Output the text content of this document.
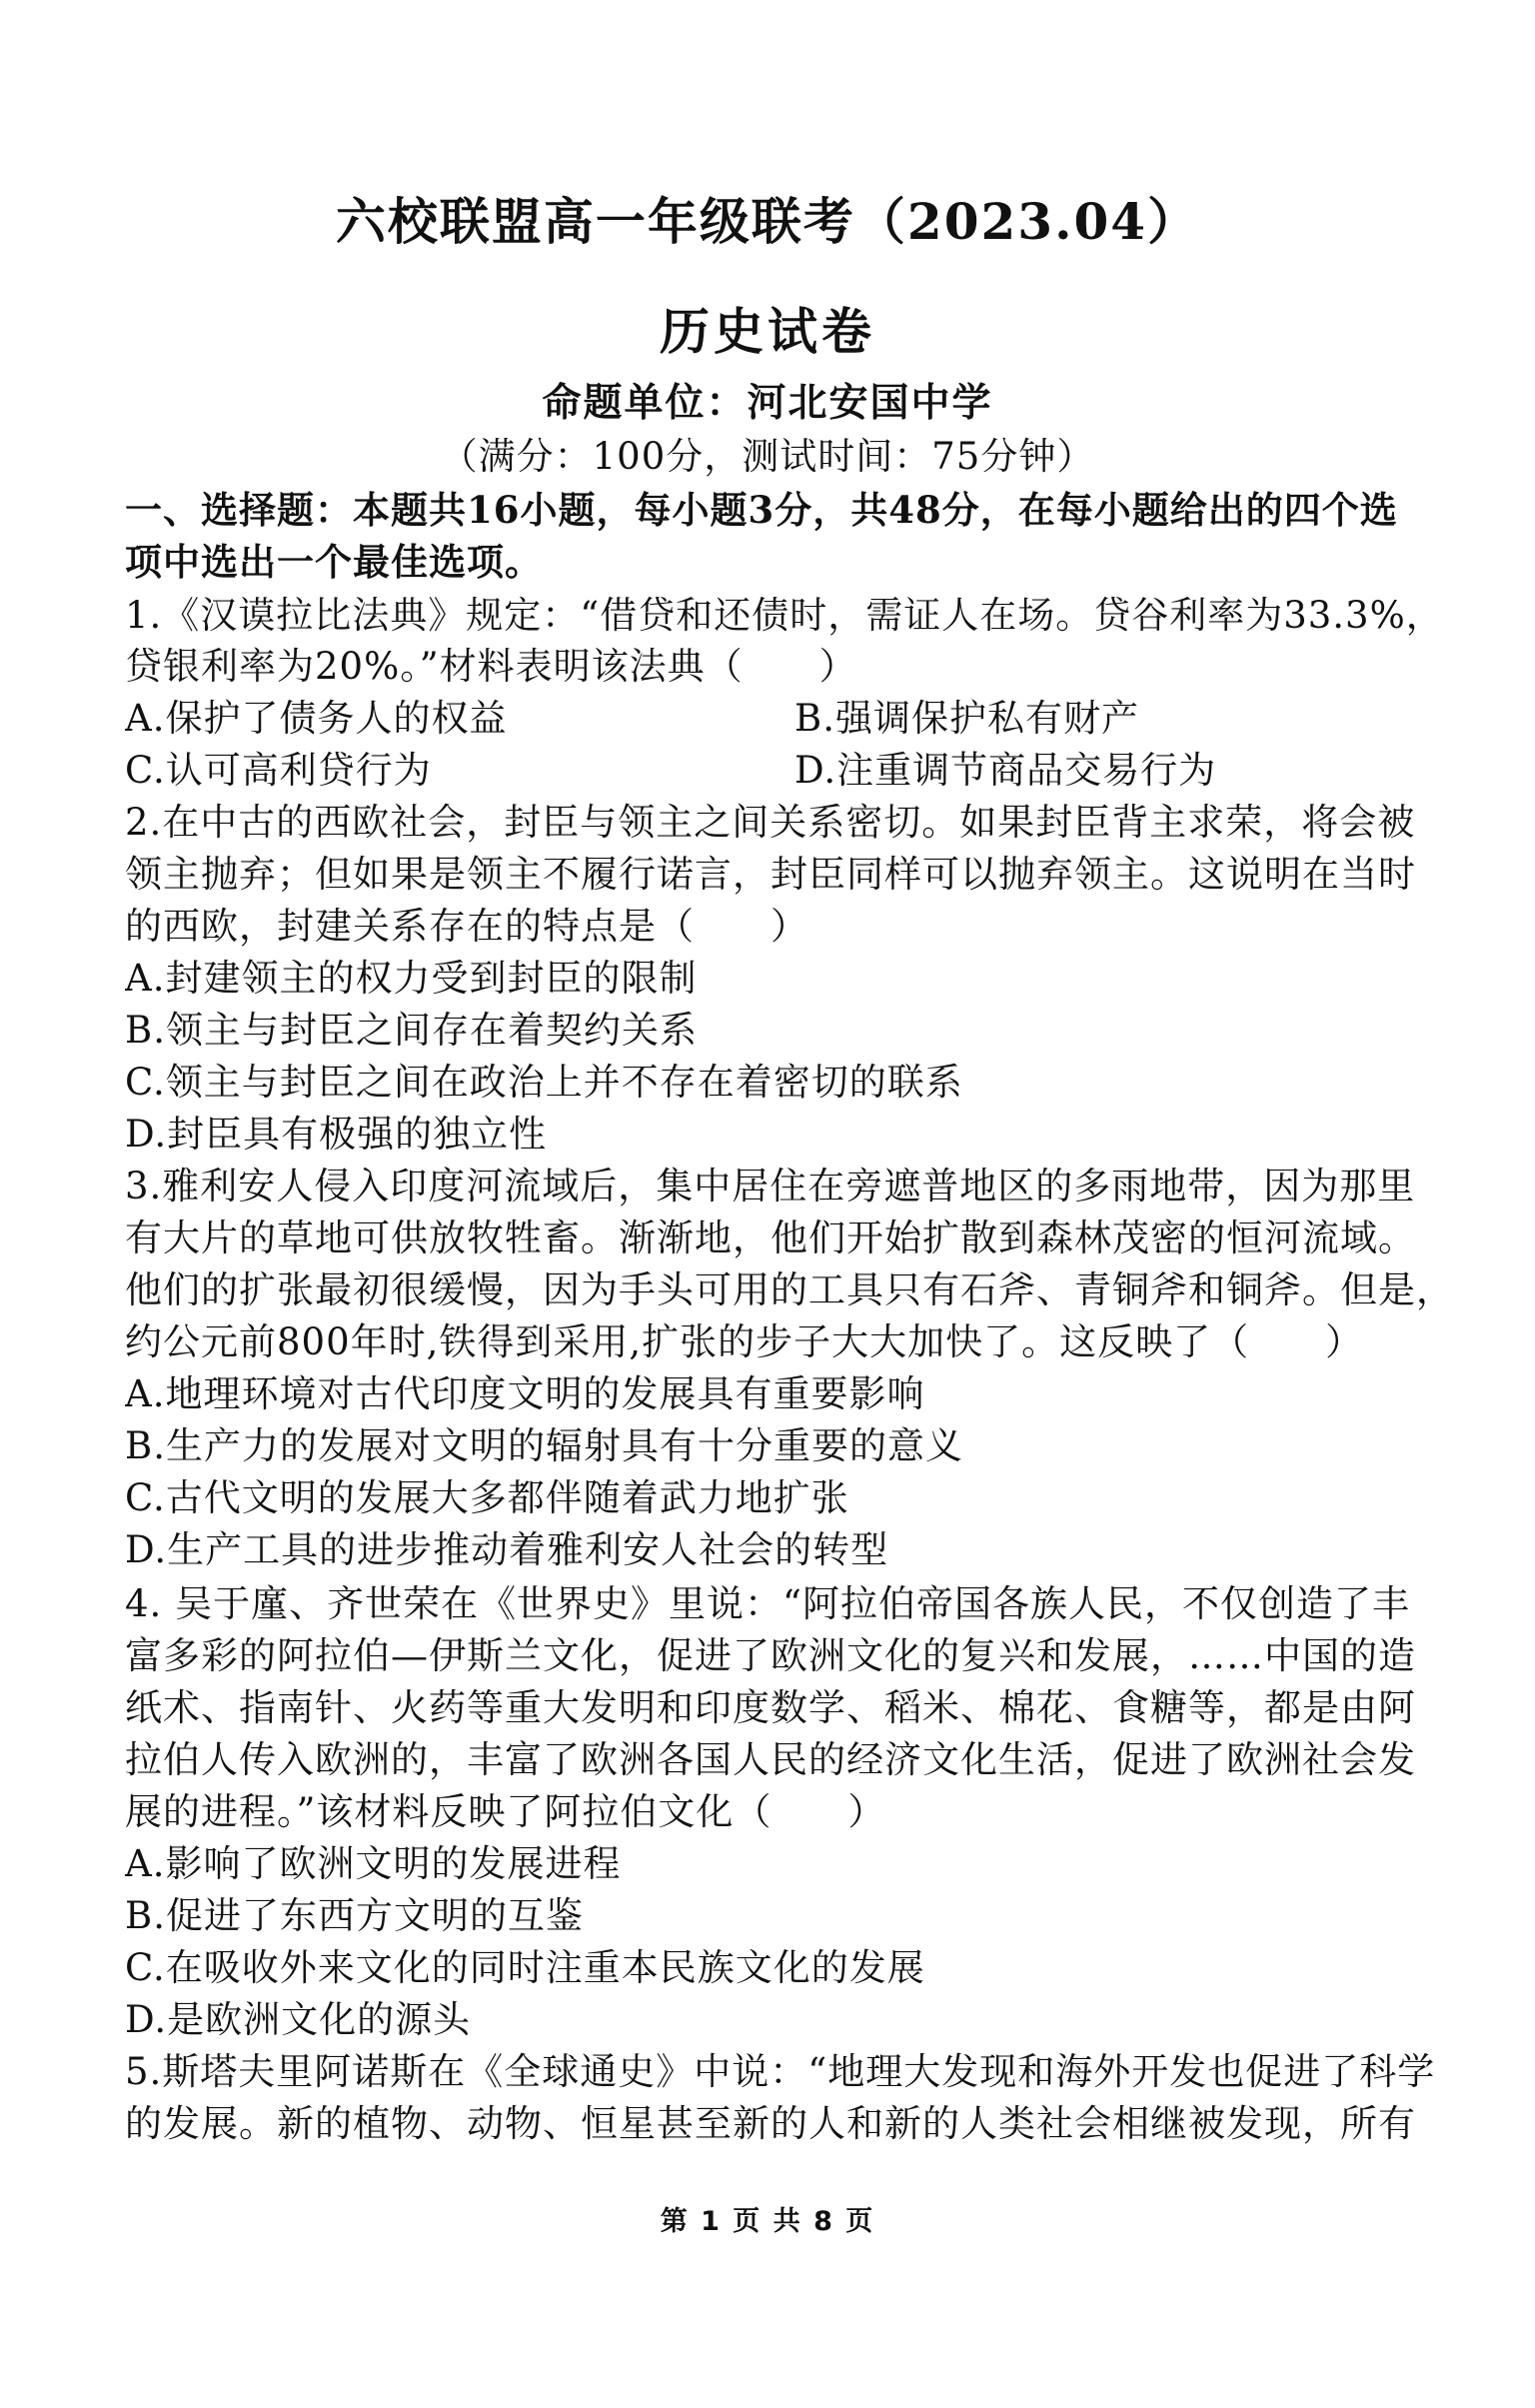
六校联盟高一年级联考（2023.04）
历史试卷
命题单位：河北安国中学
（满分：100分，测试时间：75分钟）
一、选择题：本题共16小题，每小题3分，共48分，在每小题给出的四个选
项中选出一个最佳选项。
1.《汉谟拉比法典》规定：“借贷和还债时，需证人在场。贷谷利率为33.3%，
贷银利率为20%。”材料表明该法典（　　）
A.保护了债务人的权益	B.强调保护私有财产
C.认可高利贷行为	D.注重调节商品交易行为
2.在中古的西欧社会，封臣与领主之间关系密切。如果封臣背主求荣，将会被
领主抛弃；但如果是领主不履行诺言，封臣同样可以抛弃领主。这说明在当时
的西欧，封建关系存在的特点是（　　）
A.封建领主的权力受到封臣的限制
B.领主与封臣之间存在着契约关系
C.领主与封臣之间在政治上并不存在着密切的联系
D.封臣具有极强的独立性
3.雅利安人侵入印度河流域后，集中居住在旁遮普地区的多雨地带，因为那里
有大片的草地可供放牧牲畜。渐渐地，他们开始扩散到森林茂密的恒河流域。
他们的扩张最初很缓慢，因为手头可用的工具只有石斧、青铜斧和铜斧。但是，
约公元前800年时,铁得到采用,扩张的步子大大加快了。这反映了（　　）
A.地理环境对古代印度文明的发展具有重要影响
B.生产力的发展对文明的辐射具有十分重要的意义
C.古代文明的发展大多都伴随着武力地扩张
D.生产工具的进步推动着雅利安人社会的转型
4. 吴于廑、齐世荣在《世界史》里说：“阿拉伯帝国各族人民，不仅创造了丰
富多彩的阿拉伯—伊斯兰文化，促进了欧洲文化的复兴和发展，……中国的造
纸术、指南针、火药等重大发明和印度数学、稻米、棉花、食糖等，都是由阿
拉伯人传入欧洲的，丰富了欧洲各国人民的经济文化生活，促进了欧洲社会发
展的进程。”该材料反映了阿拉伯文化（　　）
A.影响了欧洲文明的发展进程
B.促进了东西方文明的互鉴
C.在吸收外来文化的同时注重本民族文化的发展
D.是欧洲文化的源头
5.斯塔夫里阿诺斯在《全球通史》中说：“地理大发现和海外开发也促进了科学
的发展。新的植物、动物、恒星甚至新的人和新的人类社会相继被发现，所有
第 1 页 共 8 页
